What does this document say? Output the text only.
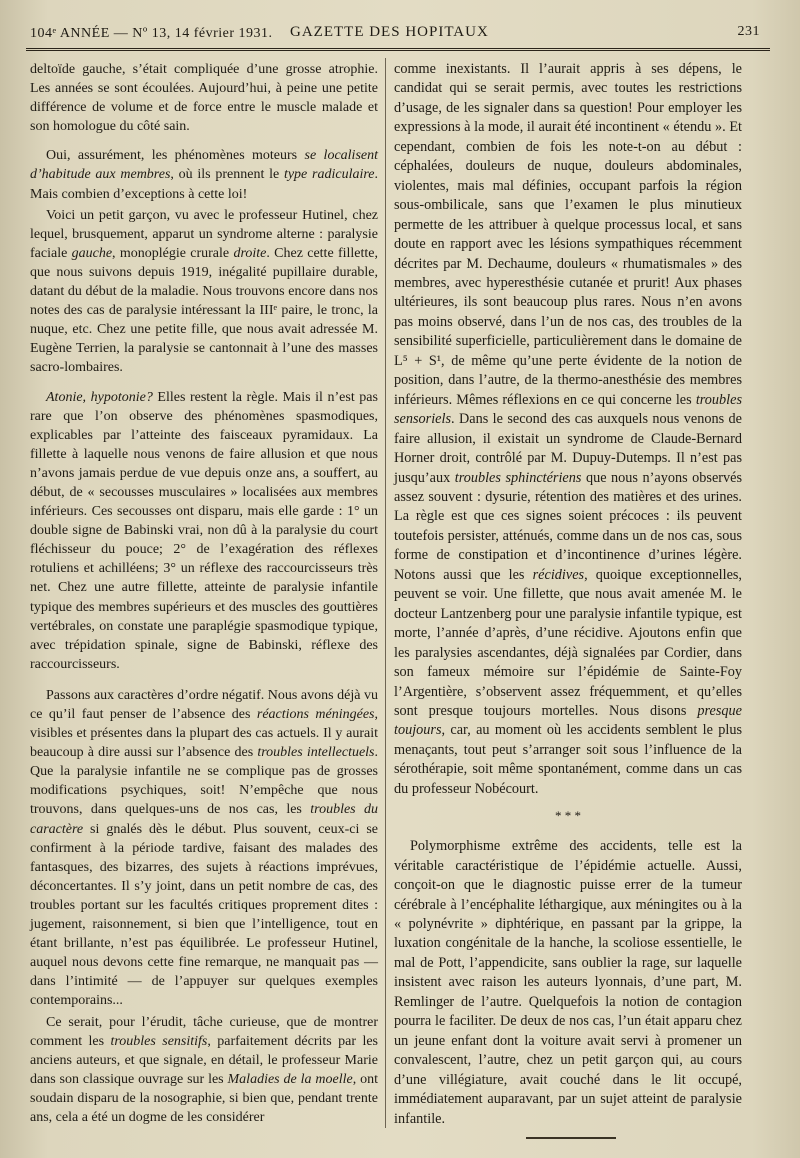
104ᵉ ANNÉE — Nº 13, 14 février 1931. GAZETTE DES HOPITAUX	231

deltoïde gauche, s’était compliquée d’une grosse atrophie. Les années se sont écoulées. Aujourd’hui, à peine une petite différence de volume et de force entre le muscle malade et son homologue du côté sain.

Oui, assurément, les phénomènes moteurs se localisent d’habitude aux membres, où ils prennent le type radiculaire. Mais combien d’exceptions à cette loi!

Voici un petit garçon, vu avec le professeur Hutinel, chez lequel, brusquement, apparut un syndrome alterne : paralysie faciale gauche, monoplégie crurale droite. Chez cette fillette, que nous suivons depuis 1919, inégalité pupillaire durable, datant du début de la maladie. Nous trouvons encore dans nos notes des cas de paralysie intéressant la IIIᵉ paire, le tronc, la nuque, etc. Chez une petite fille, que nous avait adressée M. Eugène Terrien, la paralysie se cantonnait à l’une des masses sacro-lombaires.

Atonie, hypotonie? Elles restent la règle. Mais il n’est pas rare que l’on observe des phénomènes spasmodiques, explicables par l’atteinte des faisceaux pyramidaux. La fillette à laquelle nous venons de faire allusion et que nous n’avons jamais perdue de vue depuis onze ans, a souffert, au début, de « secousses musculaires » localisées aux membres inférieurs. Ces secousses ont disparu, mais elle garde : 1° un double signe de Babinski vrai, non dû à la paralysie du court fléchisseur du pouce; 2° de l’exagération des réflexes rotuliens et achilléens; 3° un réflexe des raccourcisseurs très net. Chez une autre fillette, atteinte de paralysie infantile typique des membres supérieurs et des muscles des gouttières vertébrales, on constate une paraplégie spasmodique typique, avec trépidation spinale, signe de Babinski, réflexe des raccourcisseurs.

Passons aux caractères d’ordre négatif. Nous avons déjà vu ce qu’il faut penser de l’absence des réactions méningées, visibles et présentes dans la plupart des cas actuels. Il y aurait beaucoup à dire aussi sur l’absence des troubles intellectuels. Que la paralysie infantile ne se complique pas de grosses modifications psychiques, soit! N’empêche que nous trouvons, dans quelques-uns de nos cas, les troubles du caractère si gnalés dès le début. Plus souvent, ceux-ci se confirment à la période tardive, faisant des malades des fantasques, des bizarres, des sujets à réactions imprévues, déconcertantes. Il s’y joint, dans un petit nombre de cas, des troubles portant sur les facultés critiques proprement dites : jugement, raisonnement, si bien que l’intelligence, tout en étant brillante, n’est pas équilibrée. Le professeur Hutinel, auquel nous devons cette fine remarque, ne manquait pas — dans l’intimité — de l’appuyer sur quelques exemples contemporains...

Ce serait, pour l’érudit, tâche curieuse, que de montrer comment les troubles sensitifs, parfaitement décrits par les anciens auteurs, et que signale, en détail, le professeur Marie dans son classique ouvrage sur les Maladies de la moelle, ont soudain disparu de la nosographie, si bien que, pendant trente ans, cela a été un dogme de les considérer

comme inexistants. Il l’aurait appris à ses dépens, le candidat qui se serait permis, avec toutes les restrictions d’usage, de les signaler dans sa question! Pour employer les expressions à la mode, il aurait été incontinent « étendu ». Et cependant, combien de fois les note-t-on au début : céphalées, douleurs de nuque, douleurs abdominales, violentes, mais mal définies, occupant parfois la région sous-ombilicale, sans que l’examen le plus minutieux permette de les attribuer à quelque processus local, et sans doute en rapport avec les lésions sympathiques récemment décrites par M. Dechaume, douleurs « rhumatismales » des membres, avec hyperesthésie cutanée et prurit! Aux phases ultérieures, ils sont beaucoup plus rares. Nous n’en avons pas moins observé, dans l’un de nos cas, des troubles de la sensibilité superficielle, particulièrement dans le domaine de L⁵ + S¹, de même qu’une perte évidente de la notion de position, dans l’autre, de la thermo-anesthésie des membres inférieurs. Mêmes réflexions en ce qui concerne les troubles sensoriels. Dans le second des cas auxquels nous venons de faire allusion, il existait un syndrome de Claude-Bernard Horner droit, contrôlé par M. Dupuy-Dutemps. Il n’est pas jusqu’aux troubles sphinctériens que nous n’ayons observés assez souvent : dysurie, rétention des matières et des urines. La règle est que ces signes soient précoces : ils peuvent toutefois persister, atténués, comme dans un de nos cas, sous forme de constipation et d’incontinence d’urines légère. Notons aussi que les récidives, quoique exceptionnelles, peuvent se voir. Une fillette, que nous avait amenée M. le docteur Lantzenberg pour une paralysie infantile typique, est morte, l’année d’après, d’une récidive. Ajoutons enfin que les paralysies ascendantes, déjà signalées par Cordier, dans son fameux mémoire sur l’épidémie de Sainte-Foy l’Argentière, s’observent assez fréquemment, et qu’elles sont presque toujours mortelles. Nous disons presque toujours, car, au moment où les accidents semblent le plus menaçants, tout peut s’arranger soit sous l’influence de la sérothérapie, soit même spontanément, comme dans un cas du professeur Nobécourt.

* * *

Polymorphisme extrême des accidents, telle est la véritable caractéristique de l’épidémie actuelle. Aussi, conçoit-on que le diagnostic puisse errer de la tumeur cérébrale à l’encéphalite léthargique, aux méningites ou à la « polynévrite » diphtérique, en passant par la grippe, la luxation congénitale de la hanche, la scoliose essentielle, le mal de Pott, l’appendicite, sans oublier la rage, sur laquelle insistent avec raison les auteurs lyonnais, d’une part, M. Remlinger de l’autre. Quelquefois la notion de contagion pourra le faciliter. De deux de nos cas, l’un était apparu chez un jeune enfant dont la voiture avait servi à promener un convalescent, l’autre, chez un petit garçon qui, au cours d’une villégiature, avait couché dans le lit occupé, immédiatement auparavant, par un sujet atteint de paralysie infantile.
